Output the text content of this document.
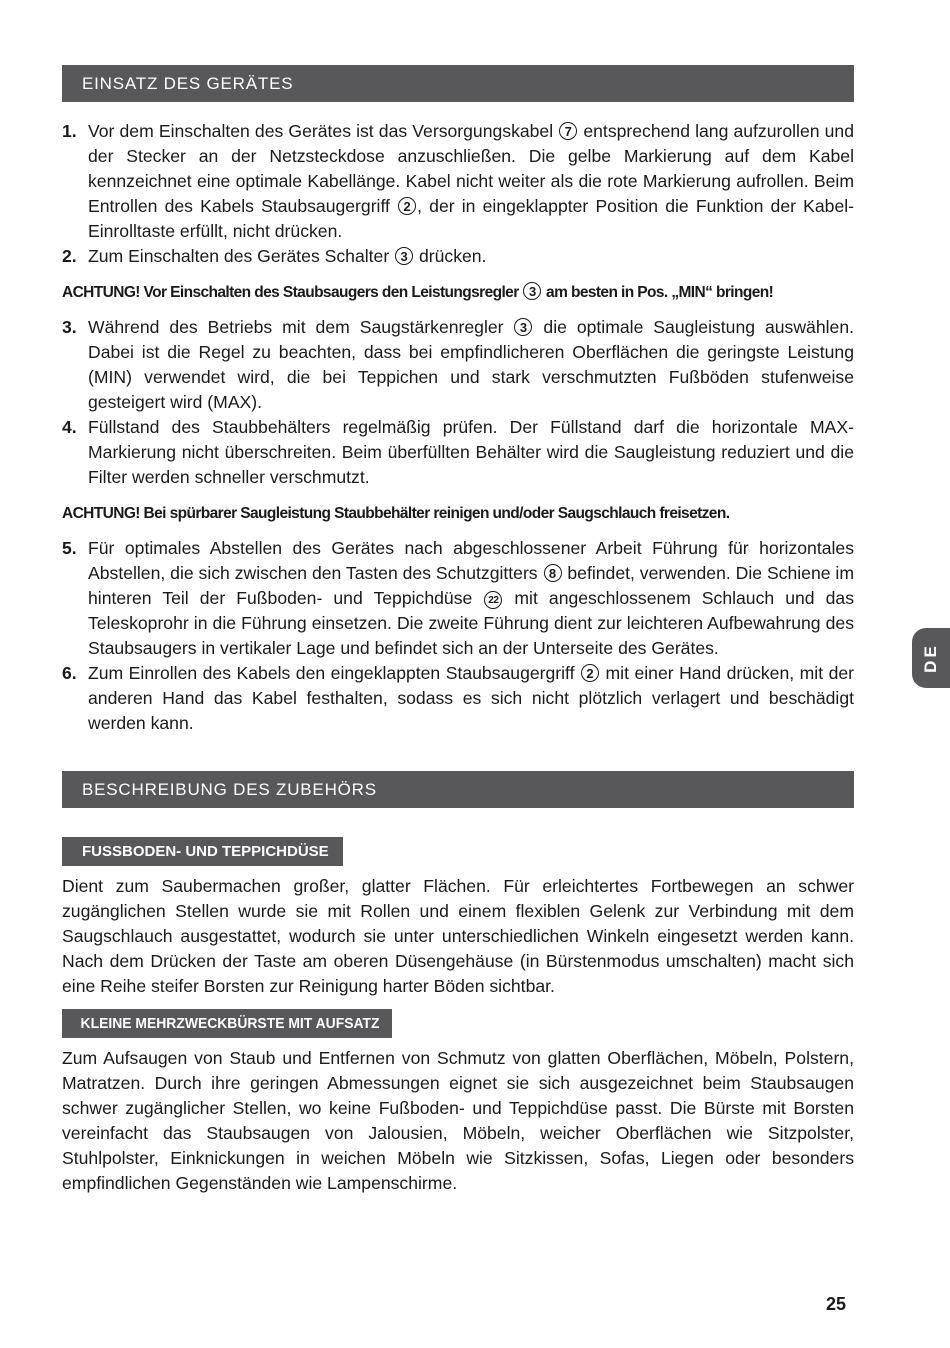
EINSATZ DES GERÄTES
1. Vor dem Einschalten des Gerätes ist das Versorgungskabel 7 entsprechend lang aufzurollen und der Stecker an der Netzsteckdose anzuschließen. Die gelbe Markierung auf dem Kabel kennzeichnet eine optimale Kabellänge. Kabel nicht weiter als die rote Markierung aufrollen. Beim Entrollen des Kabels Staubsaugergriff 2 , der in eingeklappter Position die Funktion der Kabel-Einrolltaste erfüllt, nicht drücken.
2. Zum Einschalten des Gerätes Schalter 3 drücken.
ACHTUNG! Vor Einschalten des Staubsaugers den Leistungsregler 3 am besten in Pos. „MIN“ bringen!
3. Während des Betriebs mit dem Saugstärkenregler 3 die optimale Saugleistung auswählen. Dabei ist die Regel zu beachten, dass bei empfindlicheren Oberflächen die geringste Leistung (MIN) verwendet wird, die bei Teppichen und stark verschmutzten Fußböden stufenweise gesteigert wird (MAX).
4. Füllstand des Staubbehälters regelmäßig prüfen. Der Füllstand darf die horizontale MAX-Markierung nicht überschreiten. Beim überfüllten Behälter wird die Saugleistung reduziert und die Filter werden schneller verschmutzt.
ACHTUNG! Bei spürbarer Saugleistung Staubbehälter reinigen und/oder Saugschlauch freisetzen.
5. Für optimales Abstellen des Gerätes nach abgeschlossener Arbeit Führung für horizontales Abstellen, die sich zwischen den Tasten des Schutzgitters 8 befindet, verwenden. Die Schiene im hinteren Teil der Fußboden- und Teppichdüse 22 mit angeschlossenem Schlauch und das Teleskoprohr in die Führung einsetzen. Die zweite Führung dient zur leichteren Aufbewahrung des Staubsaugers in vertikaler Lage und befindet sich an der Unterseite des Gerätes.
6. Zum Einrollen des Kabels den eingeklappten Staubsaugergriff 2 mit einer Hand drücken, mit der anderen Hand das Kabel festhalten, sodass es sich nicht plötzlich verlagert und beschädigt werden kann.
BESCHREIBUNG DES ZUBEHÖRS
FUSSBODEN- UND TEPPICHDÜSE

Dient zum Saubermachen großer, glatter Flächen. Für erleichtertes Fortbewegen an schwer zugänglichen Stellen wurde sie mit Rollen und einem flexiblen Gelenk zur Verbindung mit dem Saugschlauch ausgestattet, wodurch sie unter unterschiedlichen Winkeln eingesetzt werden kann. Nach dem Drücken der Taste am oberen Düsengehäuse (in Bürstenmodus umschalten) macht sich eine Reihe steifer Borsten zur Reinigung harter Böden sichtbar.

KLEINE MEHRZWECKBÜRSTE MIT AUFSATZ

Zum Aufsaugen von Staub und Entfernen von Schmutz von glatten Oberflächen, Möbeln, Polstern, Matratzen. Durch ihre geringen Abmessungen eignet sie sich ausgezeichnet beim Staubsaugen schwer zugänglicher Stellen, wo keine Fußboden- und Teppichdüse passt. Die Bürste mit Borsten vereinfacht das Staubsaugen von Jalousien, Möbeln, weicher Oberflächen wie Sitzpolster, Stuhlpolster, Einknickungen in weichen Möbeln wie Sitzkissen, Sofas, Liegen oder besonders empfindlichen Gegenständen wie Lampenschirme.

DE
25
